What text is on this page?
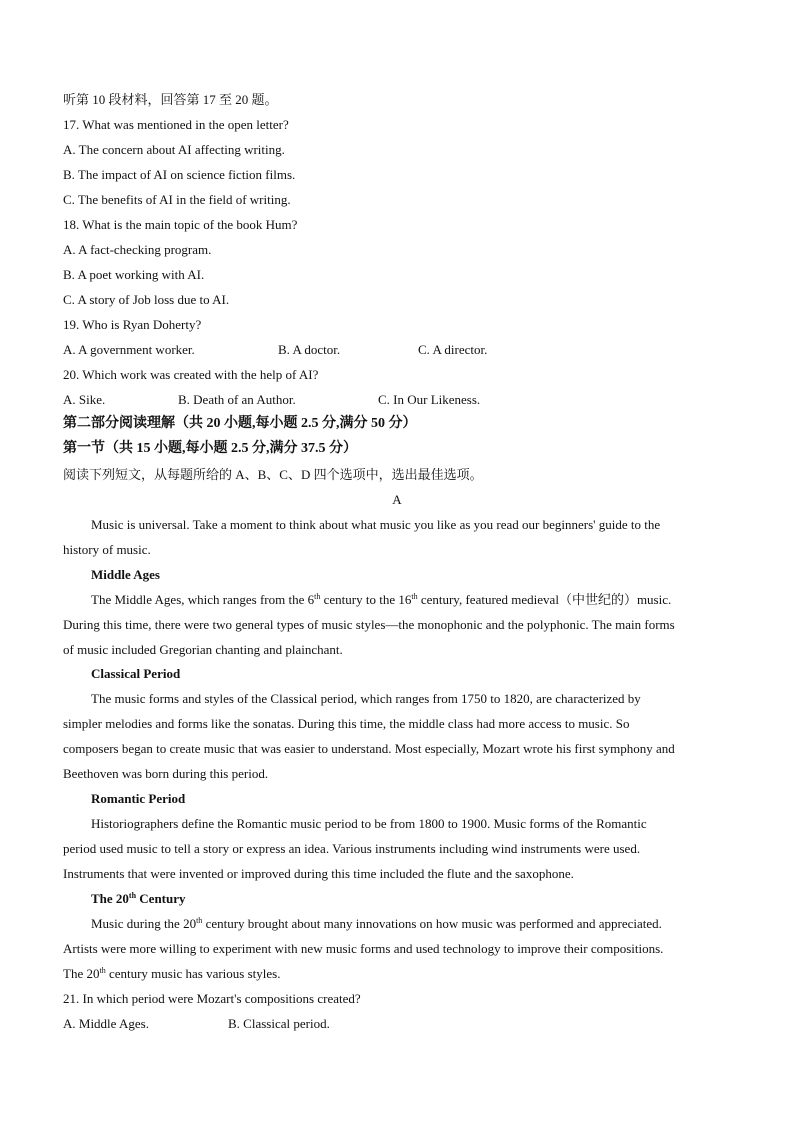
听第 10 段材料，回答第 17 至 20 题。
17. What was mentioned in the open letter?
A. The concern about AI affecting writing.
B. The impact of AI on science fiction films.
C. The benefits of AI in the field of writing.
18. What is the main topic of the book Hum?
A. A fact-checking program.
B. A poet working with AI.
C. A story of Job loss due to AI.
19. Who is Ryan Doherty?
A. A government worker.	B. A doctor.	C. A director.
20. Which work was created with the help of AI?
A. Sike.	B. Death of an Author.	C. In Our Likeness.
第二部分阅读理解（共 20 小题,每小题 2.5 分,满分 50 分）
第一节（共 15 小题,每小题 2.5 分,满分 37.5 分）
阅读下列短文，从每题所给的 A、B、C、D 四个选项中，选出最佳选项。
A
Music is universal. Take a moment to think about what music you like as you read our beginners' guide to the
history of music.
Middle Ages
The Middle Ages, which ranges from the 6th century to the 16th century, featured medieval（中世纪的）music.
During this time, there were two general types of music styles—the monophonic and the polyphonic. The main forms
of music included Gregorian chanting and plainchant.
Classical Period
The music forms and styles of the Classical period, which ranges from 1750 to 1820, are characterized by
simpler melodies and forms like the sonatas. During this time, the middle class had more access to music. So
composers began to create music that was easier to understand. Most especially, Mozart wrote his first symphony and
Beethoven was born during this period.
Romantic Period
Historiographers define the Romantic music period to be from 1800 to 1900. Music forms of the Romantic
period used music to tell a story or express an idea. Various instruments including wind instruments were used.
Instruments that were invented or improved during this time included the flute and the saxophone.
The 20th Century
Music during the 20th century brought about many innovations on how music was performed and appreciated.
Artists were more willing to experiment with new music forms and used technology to improve their compositions.
The 20th century music has various styles.
21. In which period were Mozart's compositions created?
A. Middle Ages.	B. Classical period.
